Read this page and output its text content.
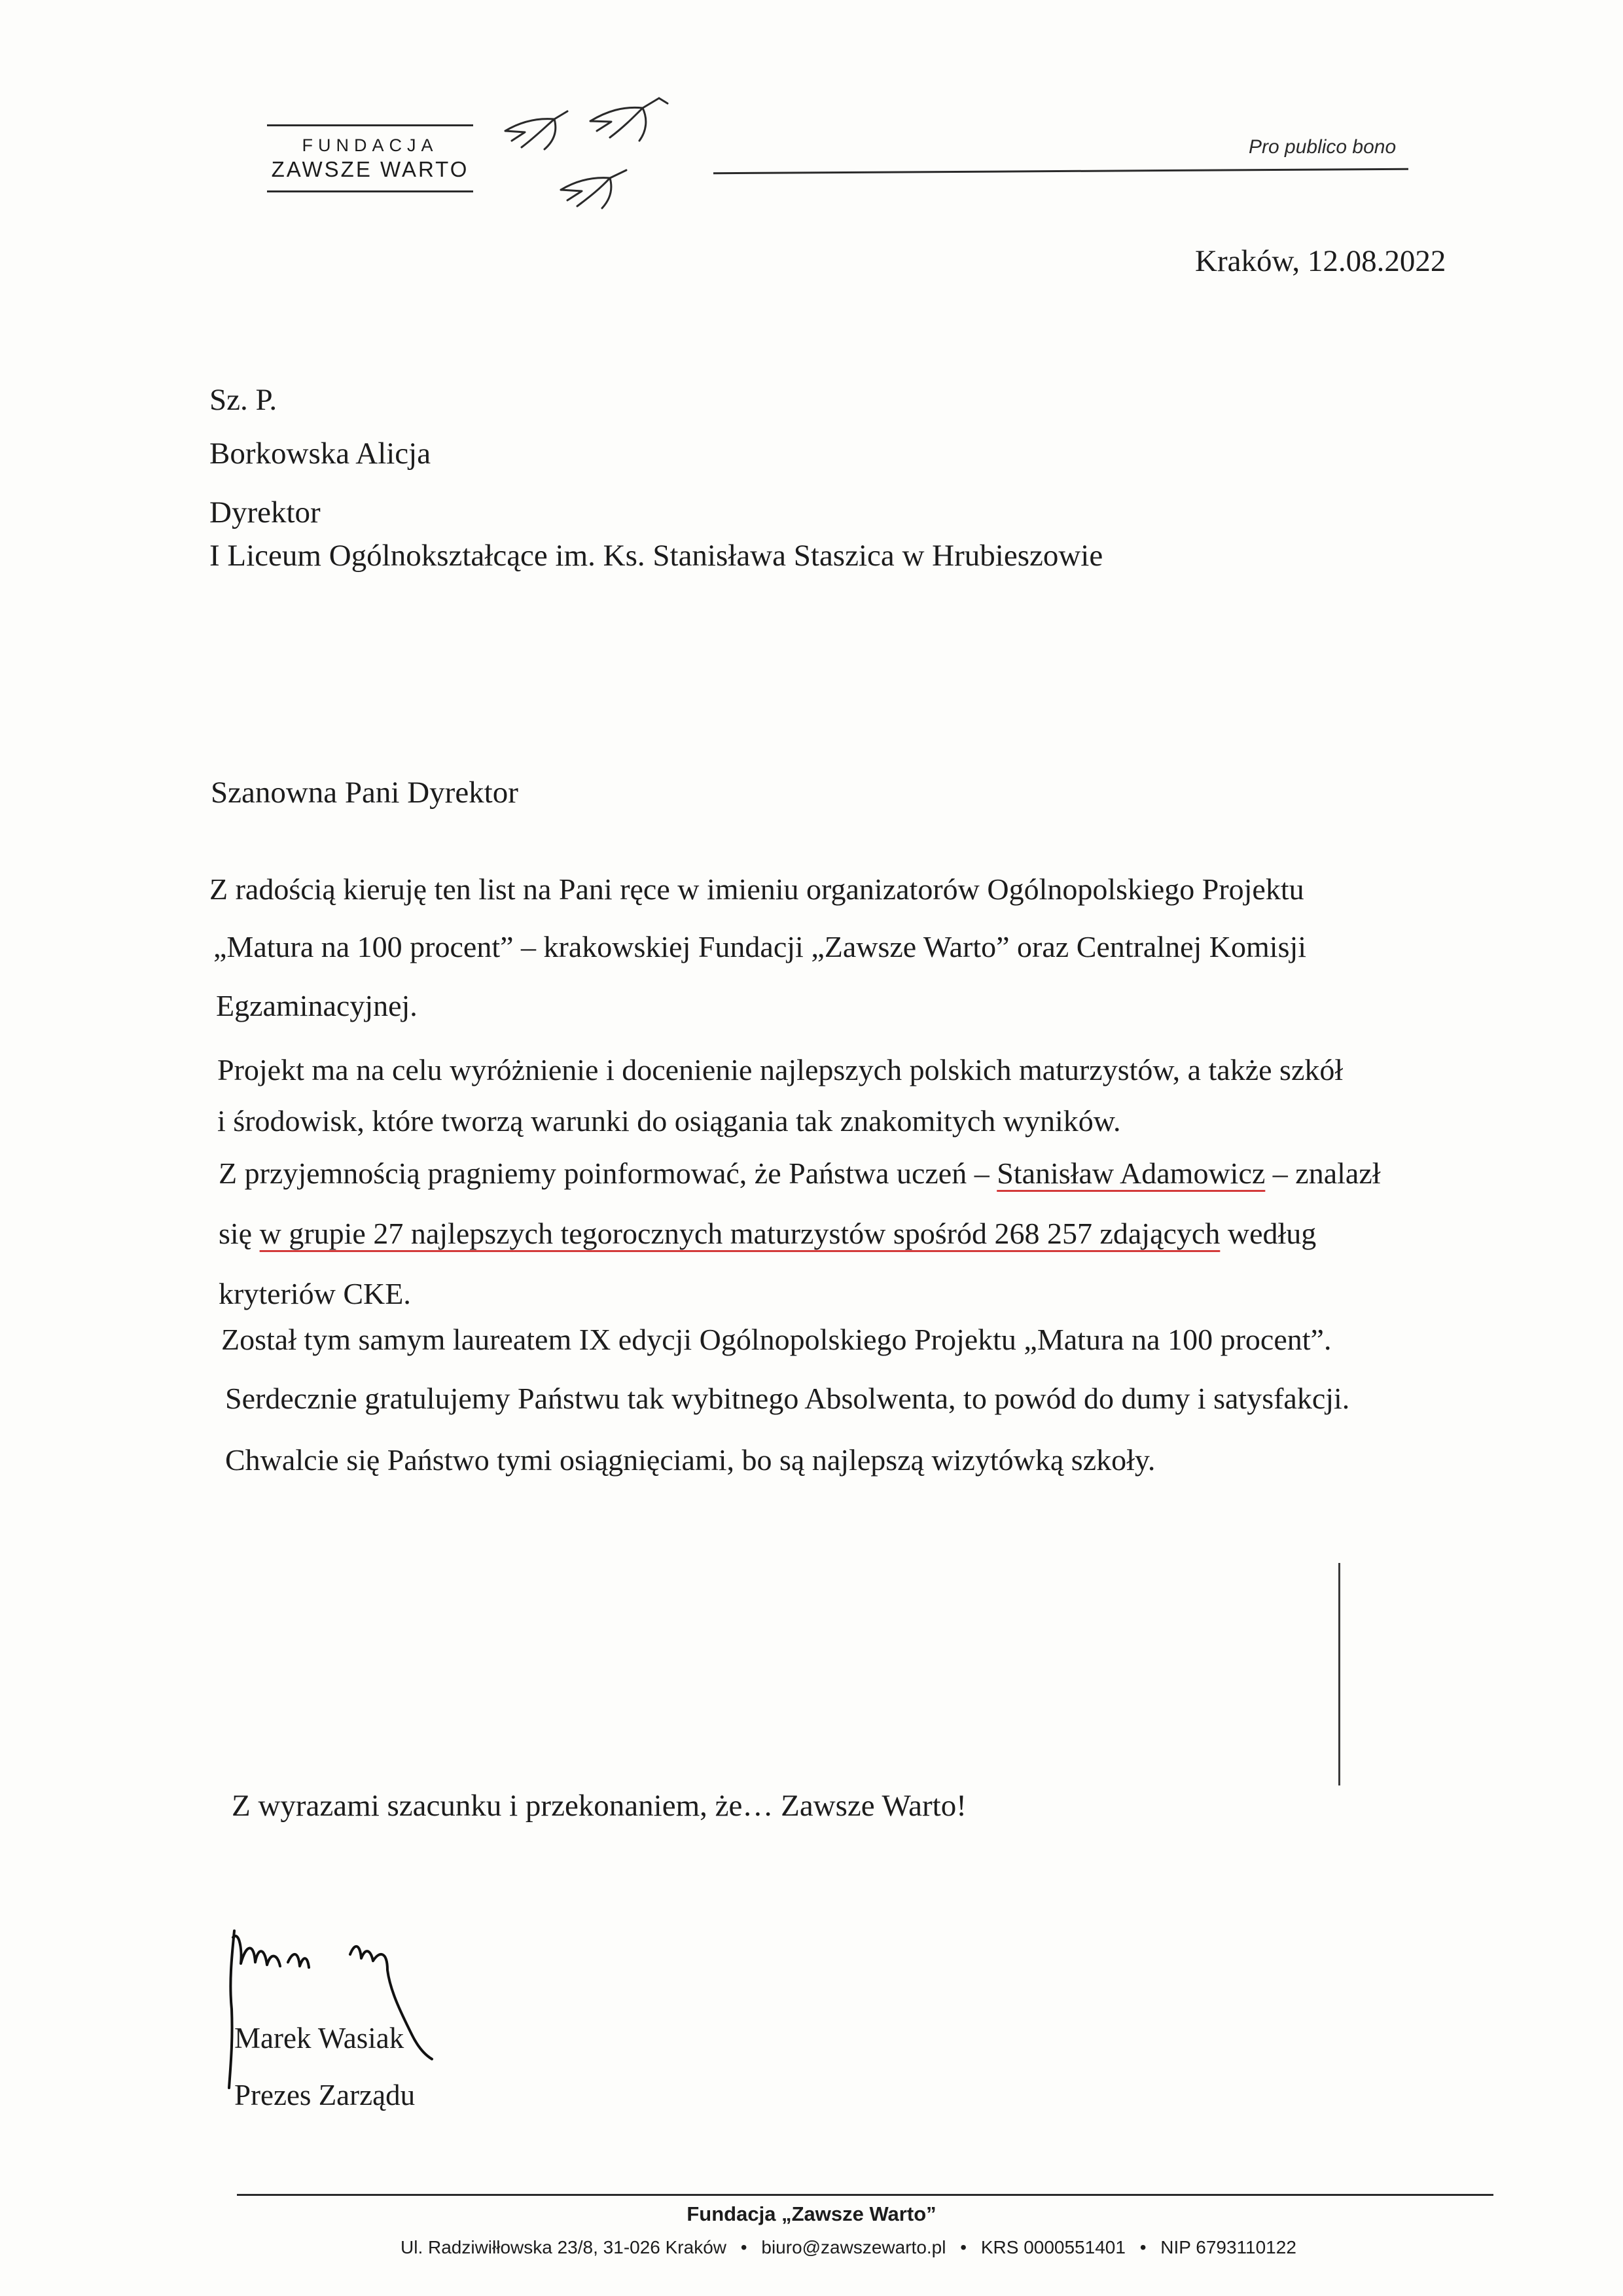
FUNDACJA
ZAWSZE WARTO
Pro publico bono
Kraków, 12.08.2022
Sz. P.
Borkowska Alicja
Dyrektor
I Liceum Ogólnokształcące im. Ks. Stanisława Staszica w Hrubieszowie
Szanowna Pani Dyrektor
Z radością kieruję ten list na Pani ręce w imieniu organizatorów Ogólnopolskiego Projektu
„Matura na 100 procent” – krakowskiej Fundacji „Zawsze Warto” oraz Centralnej Komisji
Egzaminacyjnej.
Projekt ma na celu wyróżnienie i docenienie najlepszych polskich maturzystów, a także szkół
i środowisk, które tworzą warunki do osiągania tak znakomitych wyników.
Z przyjemnością pragniemy poinformować, że Państwa uczeń – Stanisław Adamowicz – znalazł
się w grupie 27 najlepszych tegorocznych maturzystów spośród 268 257 zdających według
kryteriów CKE.
Został tym samym laureatem IX edycji Ogólnopolskiego Projektu „Matura na 100 procent”.
Serdecznie gratulujemy Państwu tak wybitnego Absolwenta, to powód do dumy i satysfakcji.
Chwalcie się Państwo tymi osiągnięciami, bo są najlepszą wizytówką szkoły.
Z wyrazami szacunku i przekonaniem, że… Zawsze Warto!
Marek Wasiak
Prezes Zarządu
Fundacja „Zawsze Warto”
Ul. Radziwiłłowska 23/8, 31-026 Kraków • biuro@zawszewarto.pl • KRS 0000551401 • NIP 6793110122
